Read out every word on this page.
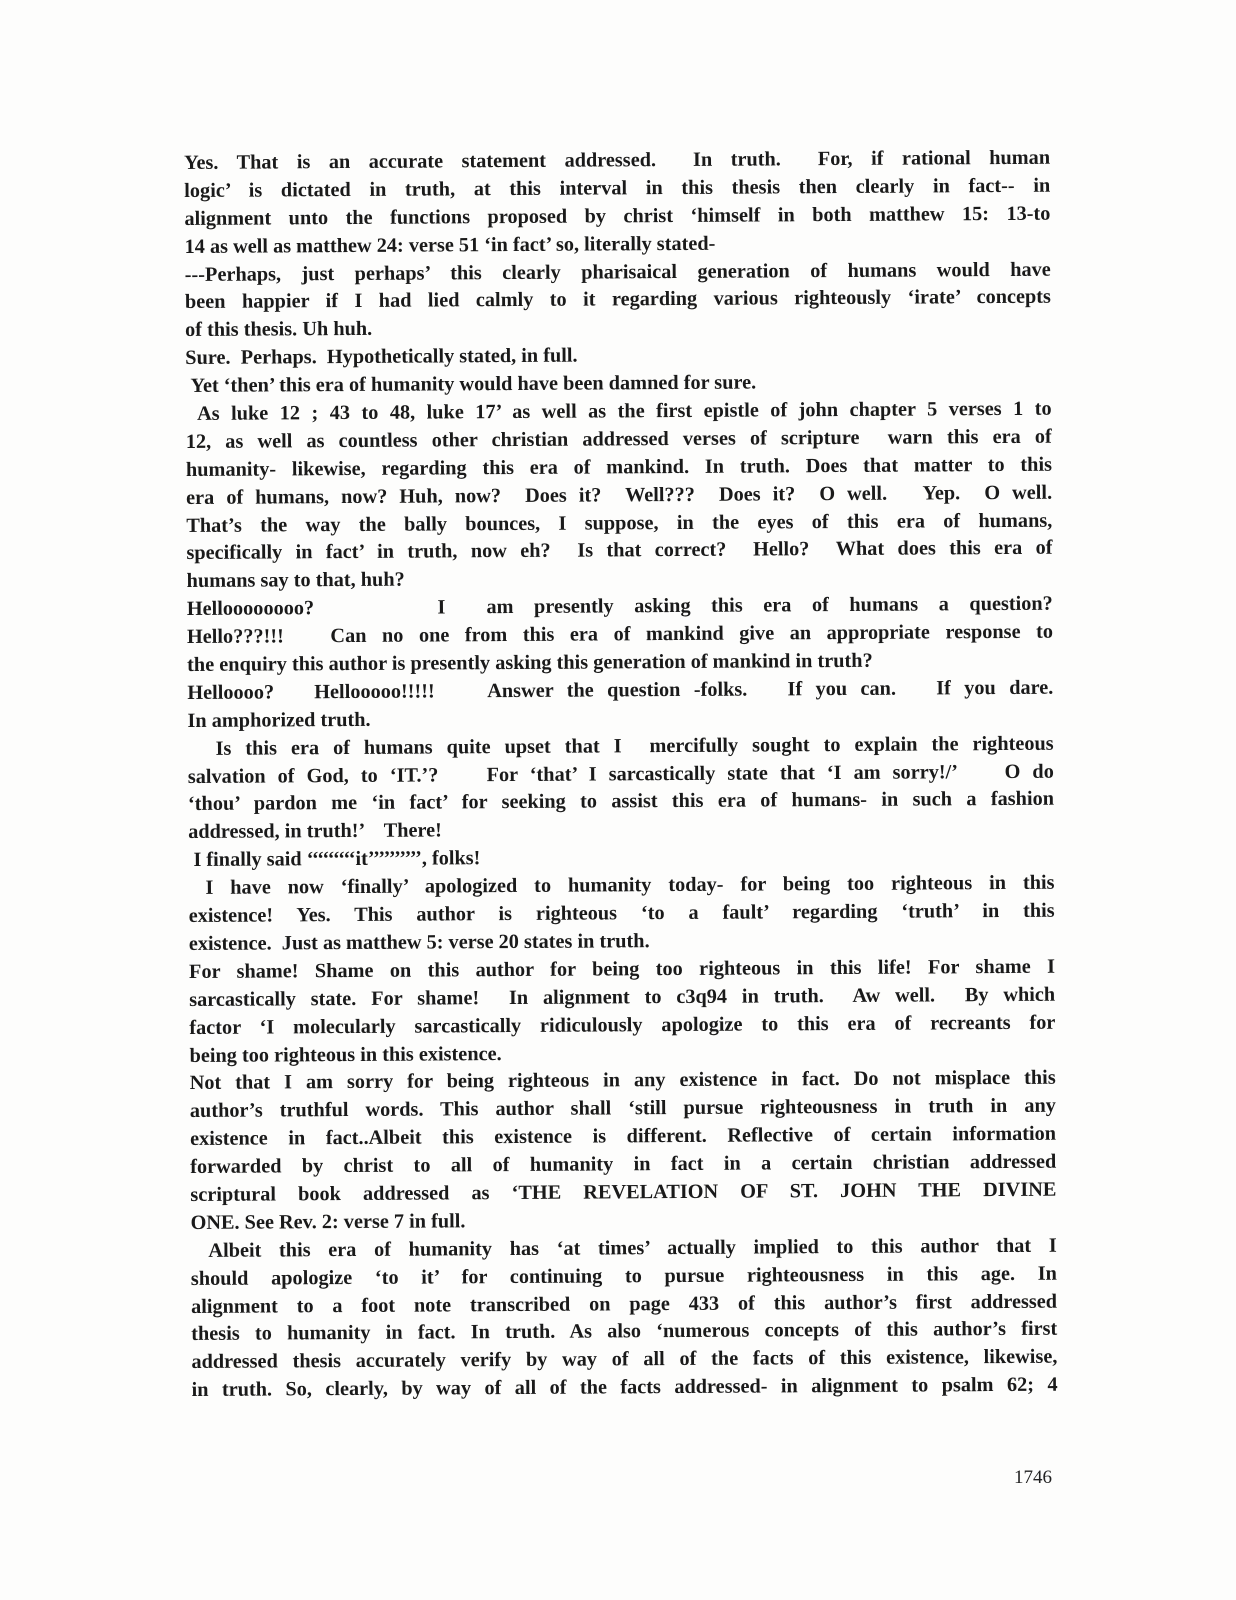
Yes. That is an accurate statement addressed.  In truth.  For, if rational human
logic’ is dictated in truth, at this interval in this thesis then clearly in fact-- in
alignment unto the functions proposed by christ ‘himself in both matthew 15: 13-to
14 as well as matthew 24: verse 51 ‘in fact’ so, literally stated-
---Perhaps, just perhaps’ this clearly pharisaical generation of humans would have
been happier if I had lied calmly to it regarding various righteously ‘irate’ concepts
of this thesis. Uh huh.
Sure.  Perhaps.  Hypothetically stated, in full.
Yet ‘then’ this era of humanity would have been damned for sure.
As luke 12 ; 43 to 48, luke 17’ as well as the first epistle of john chapter 5 verses 1 to
12, as well as countless other christian addressed verses of scripture  warn this era of
humanity- likewise, regarding this era of mankind. In truth. Does that matter to this
era of humans, now? Huh, now?  Does it?  Well???  Does it?  O well.   Yep.  O well.
That’s the way the bally bounces, I suppose, in the eyes of this era of humans,
specifically in fact’ in truth, now eh?  Is that correct?  Hello?  What does this era of
humans say to that, huh?
Helloooooooo?            I    am  presently  asking  this  era  of  humans  a  question?
Hello???!!!   Can no one from this era of mankind give an appropriate response to
the enquiry this author is presently asking this generation of mankind in truth?
Helloooo?   Hellooooo!!!!!    Answer the question -folks.   If you can.   If you dare.
In amphorized truth.
Is this era of humans quite upset that I  mercifully sought to explain the righteous
salvation of God, to ‘IT.’?    For ‘that’ I sarcastically state that ‘I am sorry!/’    O do
‘thou’ pardon me ‘in fact’ for seeking to assist this era of humans- in such a fashion
addressed, in truth!’    There!
I finally said ‘‘‘‘‘‘‘‘‘it’’’’’’’’’’, folks!
I have now ‘finally’ apologized to humanity today- for being too righteous in this
existence!  Yes.  This  author  is  righteous  ‘to  a  fault’  regarding  ‘truth’  in  this
existence.  Just as matthew 5: verse 20 states in truth.
For shame! Shame on this author for being too righteous in this life! For shame I
sarcastically state. For shame!  In alignment to c3q94 in truth.  Aw well.  By which
factor ‘I molecularly sarcastically ridiculously apologize to this era of recreants for
being too righteous in this existence.
Not that I am sorry for being righteous in any existence in fact. Do not misplace this
author’s truthful words. This author shall ‘still pursue righteousness in truth in any
existence in fact..Albeit this existence is different. Reflective of certain information
forwarded by christ to all of humanity in fact in a certain christian addressed
scriptural book addressed as ‘THE REVELATION OF ST. JOHN THE DIVINE
ONE. See Rev. 2: verse 7 in full.
Albeit this era of humanity has ‘at times’ actually implied to this author that I
should  apologize  ‘to  it’  for  continuing  to  pursue  righteousness  in  this  age.  In
alignment to a foot note transcribed on page 433 of this author’s first addressed
thesis to humanity in fact. In truth. As also ‘numerous concepts of this author’s first
addressed thesis accurately verify by way of all of the facts of this existence, likewise,
in truth. So, clearly, by way of all of the facts addressed- in alignment to psalm 62; 4
1746
